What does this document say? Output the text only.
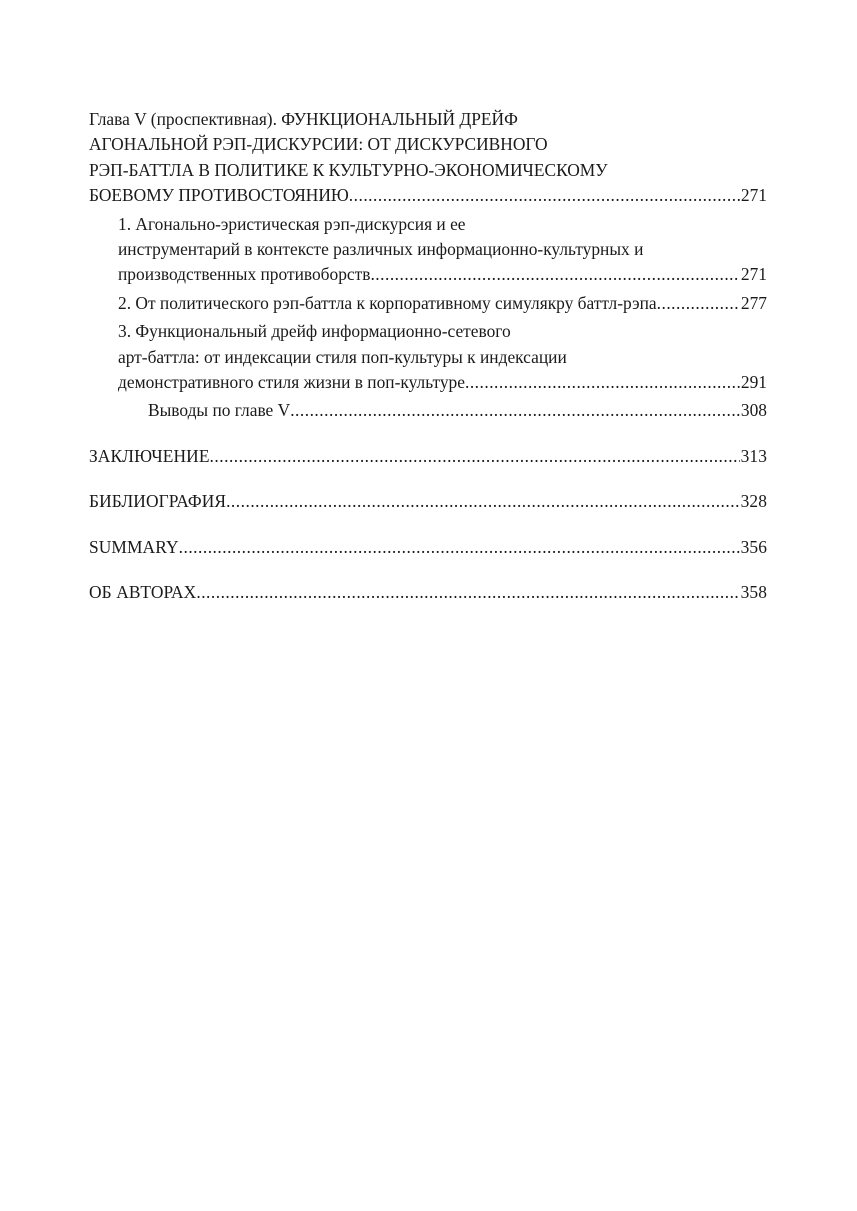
Глава V (проспективная). ФУНКЦИОНАЛЬНЫЙ ДРЕЙФ
АГОНАЛЬНОЙ РЭП-ДИСКУРСИИ: ОТ ДИСКУРСИВНОГО
РЭП-БАТТЛА В ПОЛИТИКЕ К КУЛЬТУРНО-ЭКОНОМИЧЕСКОМУ
БОЕВОМУ ПРОТИВОСТОЯНИЮ .....	271
1. Агонально-эристическая рэп-дискурсия и ее
инструментарий в контексте различных информационно-культурных и
производственных противоборств .....	271
2. От политического рэп-баттла к корпоративному симулякру баттл-рэпа .....	277
3. Функциональный дрейф информационно-сетевого
арт-баттла: от индексации стиля поп-культуры к индексации
демонстративного стиля жизни в поп-культуре .....	291
Выводы по главе V .....	308
ЗАКЛЮЧЕНИЕ .....	313
БИБЛИОГРАФИЯ .....	328
SUMMARY .....	356
ОБ АВТОРАХ .....	358
